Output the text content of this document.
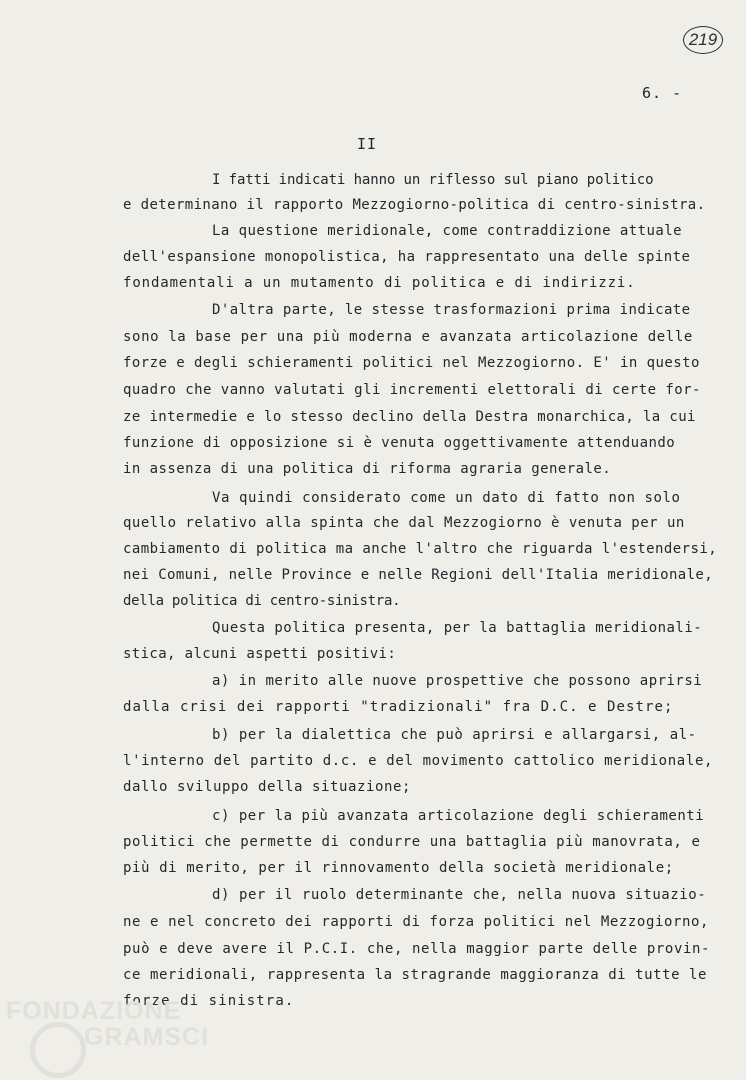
219
6. -
II
I fatti indicati hanno un riflesso sul piano politico
e determinano il rapporto Mezzogiorno-politica di centro-sinistra.
La questione meridionale, come contraddizione attuale
dell'espansione monopolistica, ha rappresentato una delle spinte
fondamentali a un mutamento di politica e di indirizzi.
D'altra parte, le stesse trasformazioni prima indicate
sono la base per una più moderna e avanzata articolazione delle
forze e degli schieramenti politici nel Mezzogiorno. E' in questo
quadro che vanno valutati gli incrementi elettorali di certe for-
ze intermedie e lo stesso declino della Destra monarchica, la cui
funzione di opposizione si è venuta oggettivamente attenduando
in assenza di una politica di riforma agraria generale.
Va quindi considerato come un dato di fatto non solo
quello relativo alla spinta che dal Mezzogiorno è venuta per un
cambiamento di politica ma anche l'altro che riguarda l'estendersi,
nei Comuni, nelle Province e nelle Regioni dell'Italia meridionale,
della politica di centro-sinistra.
Questa politica presenta, per la battaglia meridionali-
stica, alcuni aspetti positivi:
a) in merito alle nuove prospettive che possono aprirsi
dalla crisi dei rapporti "tradizionali" fra D.C. e Destre;
b) per la dialettica che può aprirsi e allargarsi, al-
l'interno del partito d.c. e del movimento cattolico meridionale,
dallo sviluppo della situazione;
c) per la più avanzata articolazione degli schieramenti
politici che permette di condurre una battaglia più manovrata, e
più di merito, per il rinnovamento della società meridionale;
d) per il ruolo determinante che, nella nuova situazio-
ne e nel concreto dei rapporti di forza politici nel Mezzogiorno,
può e deve avere il P.C.I. che, nella maggior parte delle provin-
ce meridionali, rappresenta la stragrande maggioranza di tutte le
forze di sinistra.
FONDAZIONE
GRAMSCI
